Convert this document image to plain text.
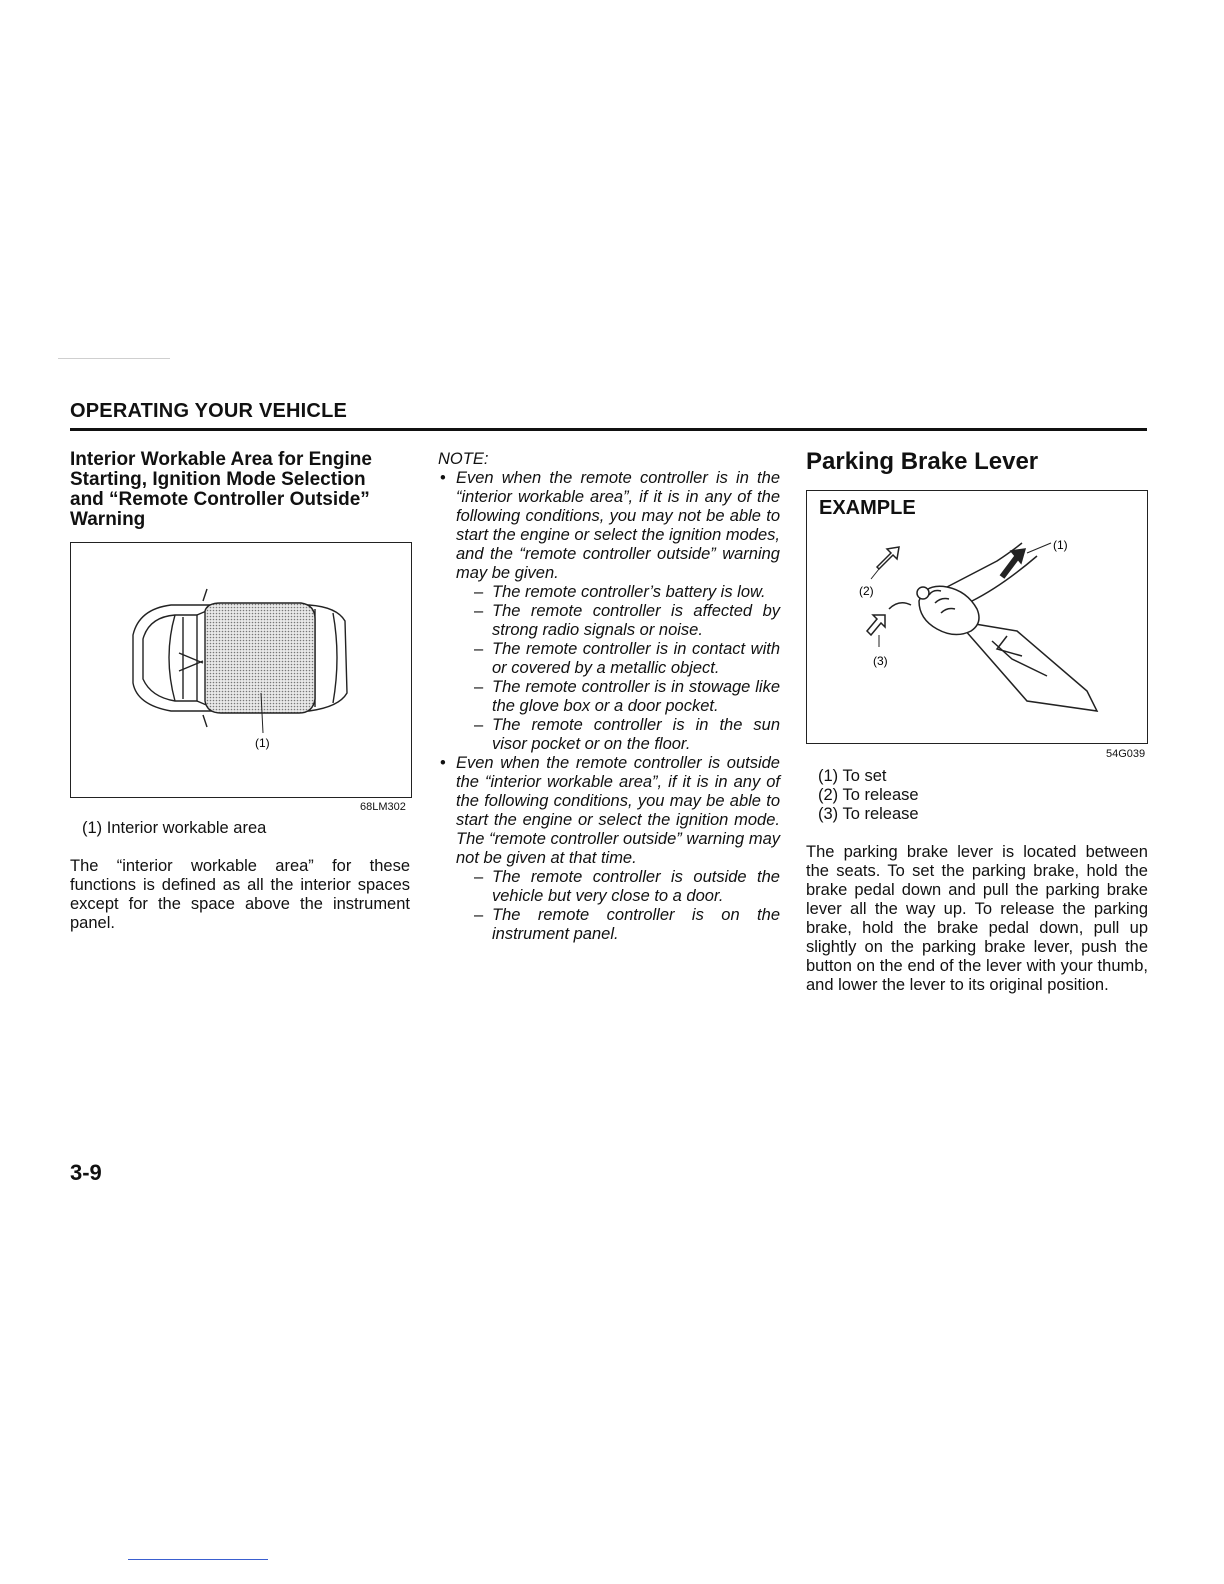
OPERATING YOUR VEHICLE
Interior Workable Area for Engine
Starting, Ignition Mode Selection
and “Remote Controller Outside”
Warning
(1)
68LM302
(1) Interior workable area

The “interior workable area” for these functions is defined as all the interior spaces except for the space above the instrument panel.

NOTE:
• Even when the remote controller is in the “interior workable area”, if it is in any of the following conditions, you may not be able to start the engine or select the ignition modes, and the “remote controller outside” warning may be given.
– The remote controller’s battery is low.
– The remote controller is affected by strong radio signals or noise.
– The remote controller is in contact with or covered by a metallic object.
– The remote controller is in stowage like the glove box or a door pocket.
– The remote controller is in the sun visor pocket or on the floor.
• Even when the remote controller is outside the “interior workable area”, if it is in any of the following conditions, you may be able to start the engine or select the ignition mode. The “remote controller outside” warning may not be given at that time.
– The remote controller is outside the vehicle but very close to a door.
– The remote controller is on the instrument panel.
Parking Brake Lever
EXAMPLE
(1)
(2)
(3)
54G039
(1) To set
(2) To release
(3) To release

The parking brake lever is located between the seats. To set the parking brake, hold the brake pedal down and pull the parking brake lever all the way up. To release the parking brake, hold the brake pedal down, pull up slightly on the parking brake lever, push the button on the end of the lever with your thumb, and lower the lever to its original position.

3-9
